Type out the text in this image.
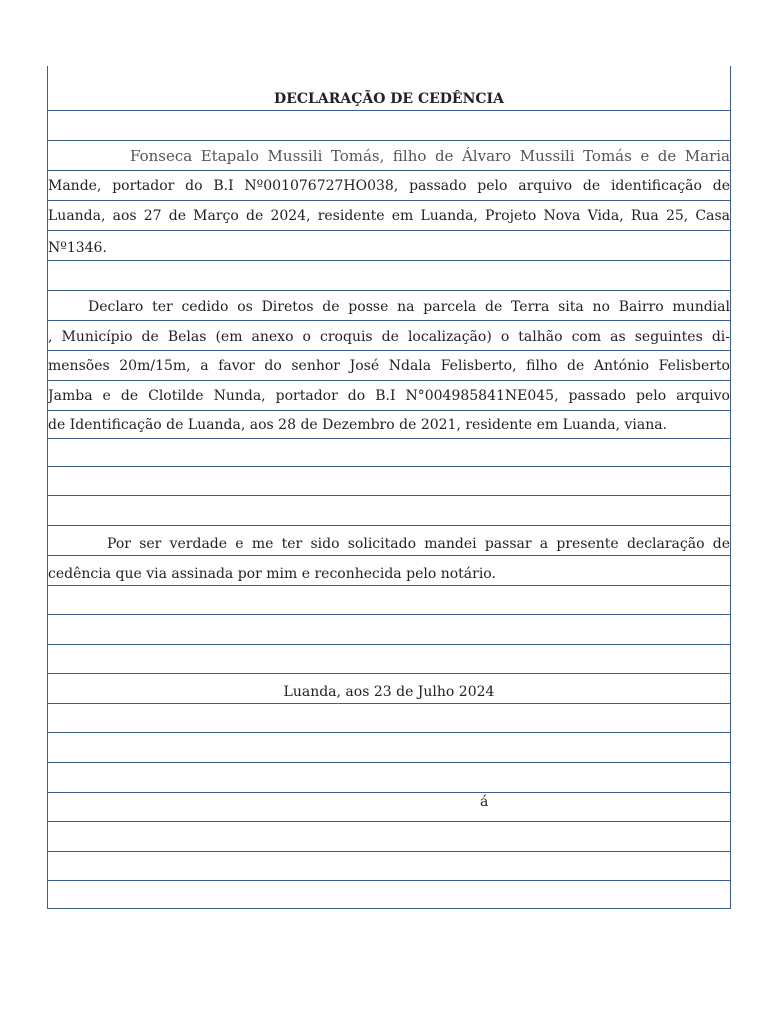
DECLARAÇÃO DE CEDÊNCIA
Fonseca Etapalo Mussili Tomás, filho de Álvaro Mussili Tomás e de Maria
Mande, portador do B.I Nº001076727HO038, passado pelo arquivo de identificação de
Luanda, aos 27 de Março de 2024, residente em Luanda, Projeto Nova Vida, Rua 25, Casa
Nº1346.
Declaro ter cedido os Diretos de posse na parcela de Terra sita no Bairro mundial
, Município de Belas (em anexo o croquis de localização) o talhão com as seguintes di-
mensões 20m/15m, a favor do senhor José Ndala Felisberto, filho de António Felisberto
Jamba e de Clotilde Nunda, portador do B.I N°004985841NE045, passado pelo arquivo
de Identificação de Luanda, aos 28 de Dezembro de 2021, residente em Luanda, viana.
Por ser verdade e me ter sido solicitado mandei passar a presente declaração de
cedência que via assinada por mim e reconhecida pelo notário.
Luanda, aos 23 de Julho 2024
á
